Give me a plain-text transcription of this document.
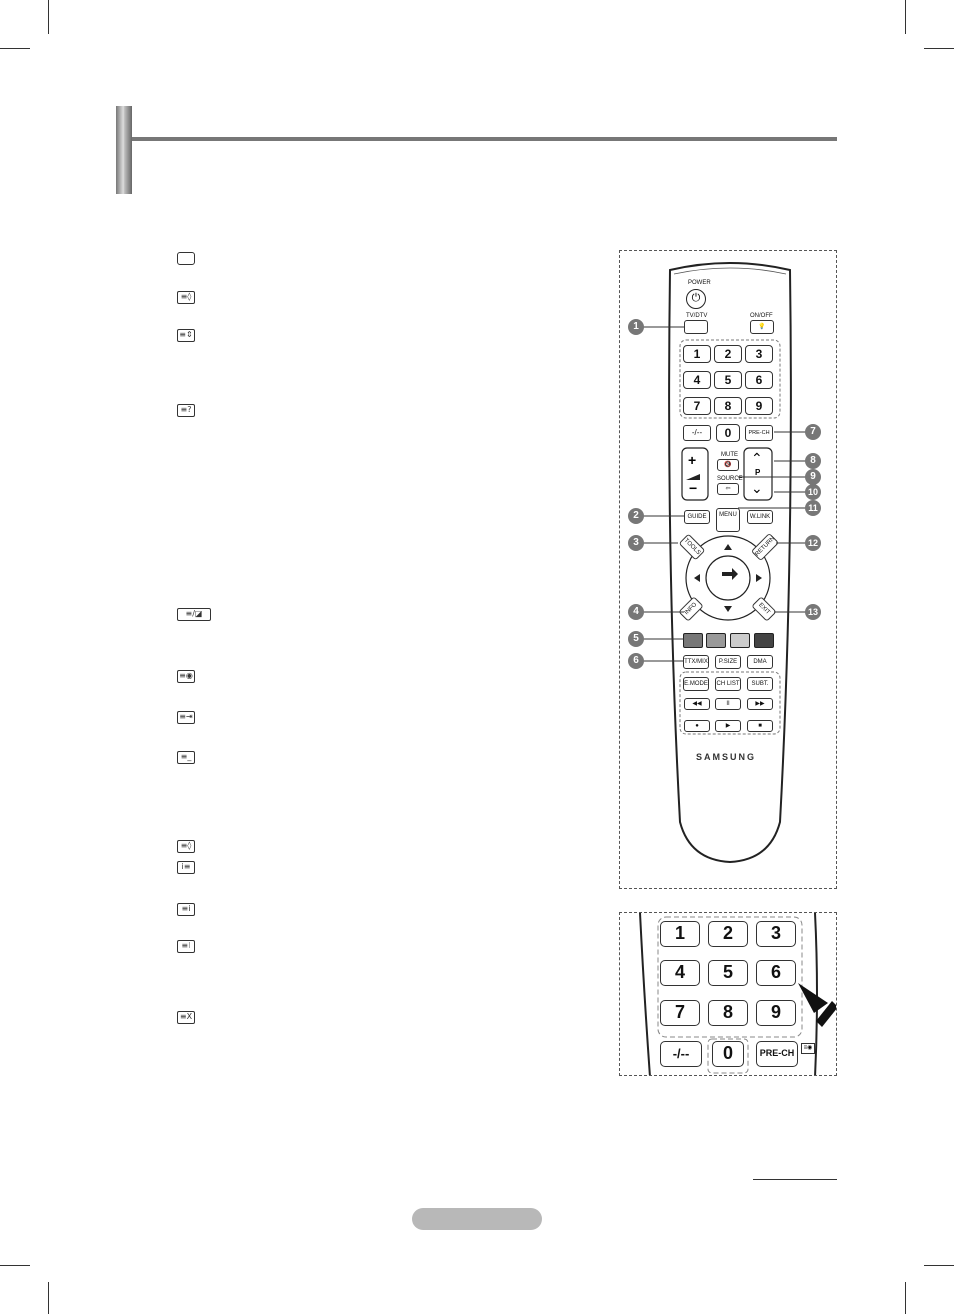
≡◊
≡⇕
≡?
≡/◪
≡◉
≡⇥
≡_
≡◊
i≡
≡i
≡⁝
≡X
POWER
⏻
TV/DTV	ON/OFF
💡
1	2	3
4	5	6
7	8	9
-/--	0	PRE-CH
+
−
MUTE
🔇
SOURCE
⇦
⌃
P
⌄
GUIDE	MENU	W.LINK
TOOLS	RETURN
INFO	EXIT
TTX/MIX	P.SIZE	DMA
E.MODE CH LIST	SUBT.
◀◀	II	▶▶
●	▶	■
SAMSUNG
1
2
3
4
5
6
7
8
9
10
11
12
13
1	2	3
4	5	6
7	8	9
-/--	0	PRE-CH	≡◉
